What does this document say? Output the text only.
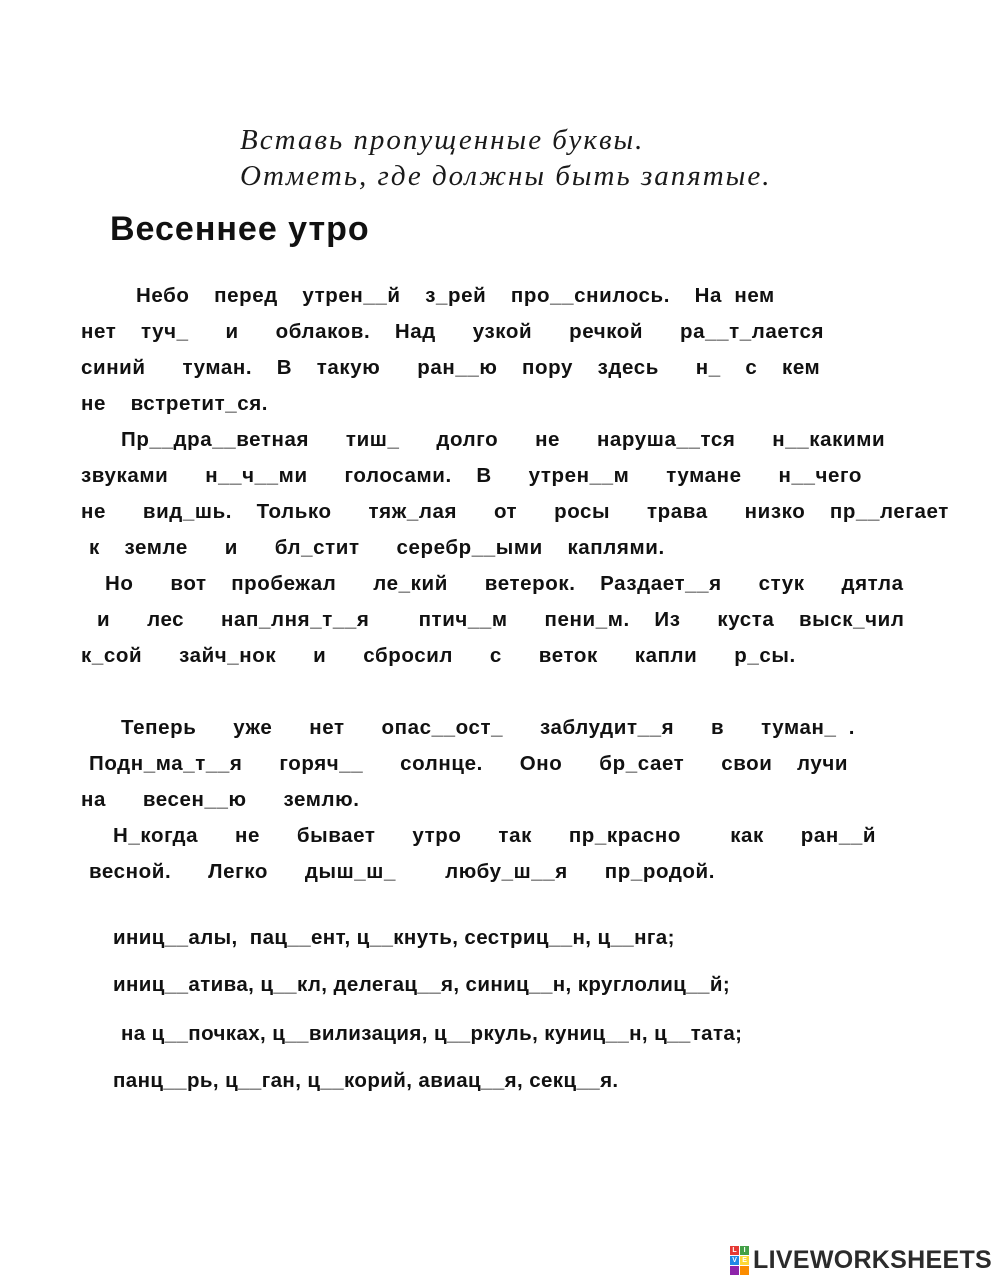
Вставь пропущенные буквы.
Отметь, где должны быть запятые.
Весеннее утро
Небо  перед  утрен__й  з_рей  про__снилось.  На нем
нет  туч_   и   облаков.  Над   узкой   речкой   ра__т_лается
синий   туман.  В  такую   ран__ю  пору  здесь   н_  с  кем
не  встретит_ся.
Пр__дра__ветная   тиш_   долго   не   наруша__тся   н__какими
звуками   н__ч__ми   голосами.  В   утрен__м   тумане   н__чего
не   вид_шь.  Только   тяж_лая   от   росы   трава   низко  пр__легает
к  земле   и   бл_стит   серебр__ыми  каплями.
Но   вот  пробежал   ле_кий   ветерок.  Раздает__я   стук   дятла
и   лес   нап_лня_т__я    птич__м   пени_м.  Из   куста  выск_чил
к_сой   зайч_нок   и   сбросил   с   веток   капли   р_сы.
Теперь   уже   нет   опас__ост_   заблудит__я   в   туман_ .
Подн_ма_т__я   горяч__   солнце.   Оно   бр_сает   свои  лучи
на   весен__ю   землю.
Н_когда   не   бывает   утро   так   пр_красно    как   ран__й
весной.   Легко   дыш_ш_    любу_ш__я   пр_родой.
иниц__алы,  пац__ент, ц__кнуть, сестриц__н, ц__нга;
иниц__атива, ц__кл, делегац__я, синиц__н, круглолиц__й;
на ц__почках, ц__вилизация, ц__ркуль, куниц__н, ц__тата;
панц__рь, ц__ган, ц__корий, авиац__я, секц__я.
L I
V E LIVEWORKSHEETS
